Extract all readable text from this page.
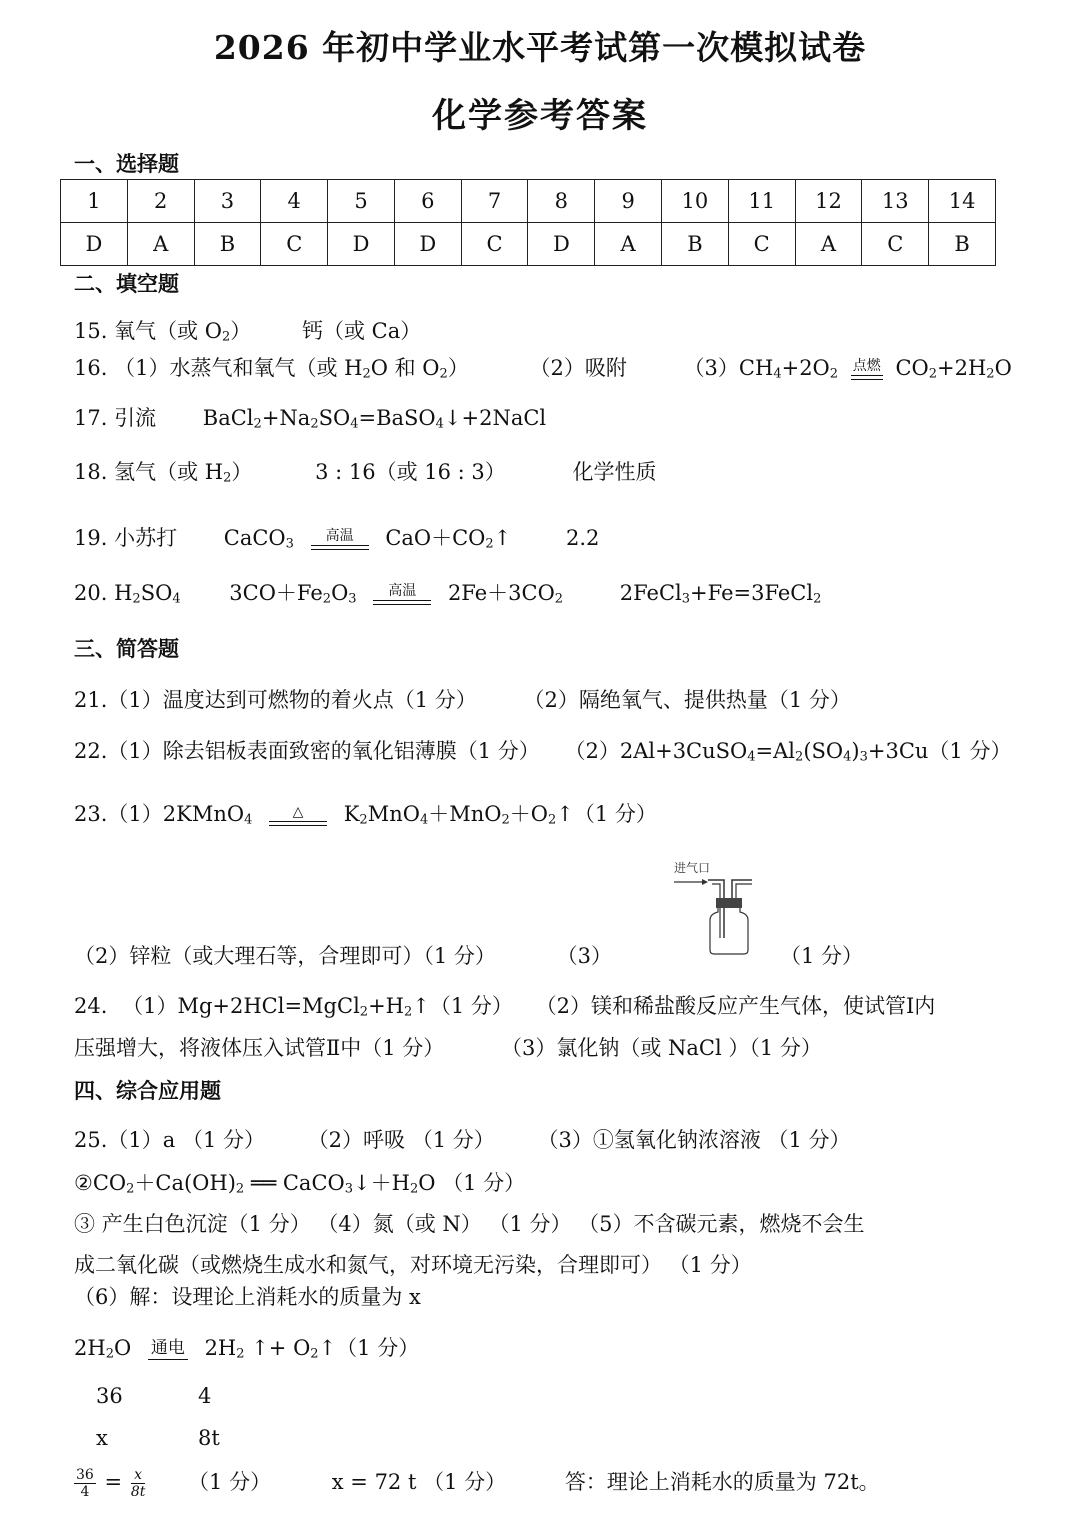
2026 年初中学业水平考试第一次模拟试卷
化学参考答案
一、选择题
1	2	3	4	5	6	7	8	9	10	11	12	13	14
D	A	B	C	D	D	C	D	A	B	C	A	C	B
二、填空题
15. 氧气（或 $O_2$） 钙（或 Ca）
16. （1）水蒸气和氧气（或 $H_2O$ 和 $O_2$）	（2）吸附	$(3)CH_4+2O_2$ 点燃 $CO_2+2H_2O$
17. 引流 $BaCl_2+Na_2SO_4=BaSO_4↓+2NaCl$
18. 氢气（或 $H_2$）	3 : 16（或 16 : 3）	化学性质
19. 小苏打 CaCO$_3$	高温	$CaO+CO_2↑$	2.2
20. $H_2SO_4$ $3CO+Fe_2O_3$	高温	$2Fe+3CO_2$	2FeCl$_3$+Fe=3FeCl$_2$
三、简答题
21.（1）温度达到可燃物的着火点（1 分） （2）隔绝氧气、提供热量（1 分）
22.（1）除去铝板表面致密的氧化铝薄膜（1 分） $(2)2Al+3CuSO_4=Al_2(SO_4)_3+3Cu(1$ 分）
23.（1）2KMnO$_4$	△	$K_2MnO_4+MnO_2+O_2↑(1$ 分）
进气口
（2）锌粒（或大理石等，合理即可）（1 分）	（3）	（1 分）
24. $(1)Mg+2HCl=MgCl_2+H_2↑(1$ 分） （2）镁和稀盐酸反应产生气体，使试管Ⅰ内
压强增大，将液体压入试管Ⅱ中（1 分）	（3）氯化钠（或 NaCl ）（1 分）
四、综合应用题
25.（1）a （1 分） （2）呼吸 （1 分） （3）①氢氧化钠浓溶液 （1 分）
$②CO_2+Ca(OH)_2$ ══ $CaCO_3↓+H_2O$ （1 分）
③ 产生白色沉淀（1 分） （4）氮（或 N） （1 分） （5）不含碳元素，燃烧不会生
成二氧化碳（或燃烧生成水和氮气，对环境无污染，合理即可） （1 分）
（6）解：设理论上消耗水的质量为 x
$2H_2O$ 通电 $2H_2$ ↑+ $O_2↑(1$ 分）
36	4
x	8t
$\frac{36}{4} = \frac{x}{8t} (1$ 分）	x = 72 t （1 分）	答：理论上消耗水的质量为 72t。
